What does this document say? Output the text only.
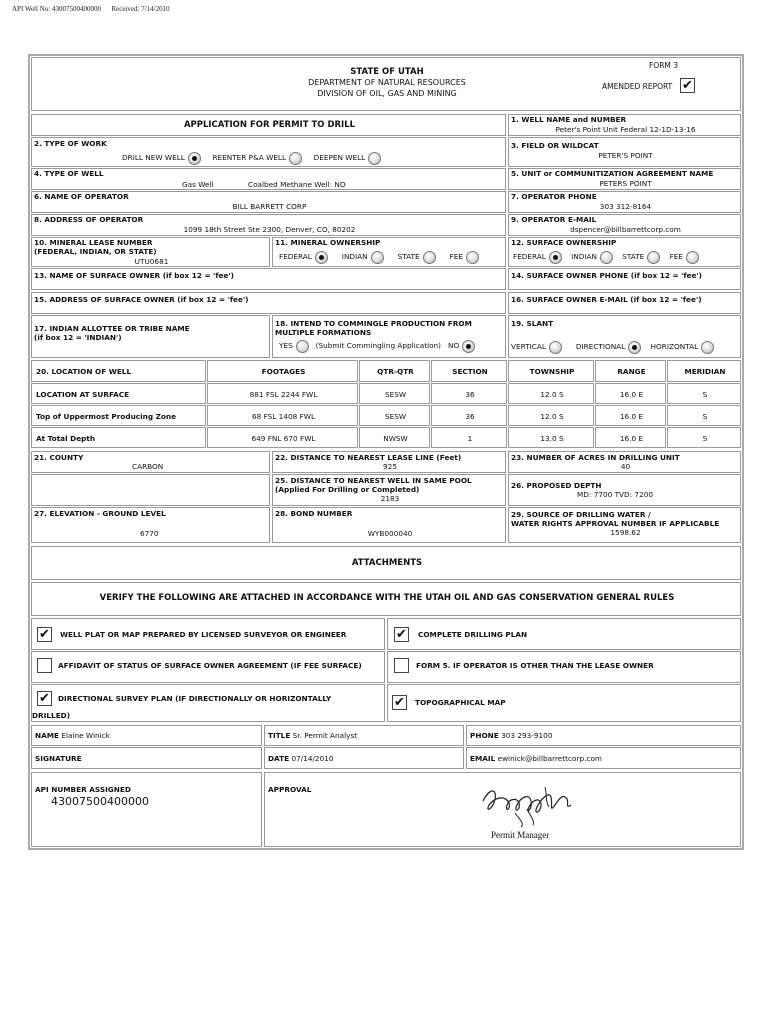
API Well No: 43007500400000 Received: 7/14/2010
STATE OF UTAH
DEPARTMENT OF NATURAL RESOURCES
DIVISION OF OIL, GAS AND MINING
FORM 3
AMENDED REPORT ✔
APPLICATION FOR PERMIT TO DRILL
1. WELL NAME and NUMBER
Peter's Point Unit Federal 12-1D-13-16
2. TYPE OF WORK
DRILL NEW WELL	REENTER P&A WELL	DEEPEN WELL
3. FIELD OR WILDCAT
PETER'S POINT
4. TYPE OF WELL
Gas Well	Coalbed Methane Well: NO
5. UNIT or COMMUNITIZATION AGREEMENT NAME
PETERS POINT
6. NAME OF OPERATOR
BILL BARRETT CORP
7. OPERATOR PHONE
303 312-8164
8. ADDRESS OF OPERATOR
1099 18th Street Ste 2300, Denver, CO, 80202
9. OPERATOR E-MAIL
dspencer@billbarrettcorp.com
10. MINERAL LEASE NUMBER
(FEDERAL, INDIAN, OR STATE)
UTU0681
11. MINERAL OWNERSHIP
FEDERAL	INDIAN	STATE	FEE
12. SURFACE OWNERSHIP
FEDERAL	INDIAN	STATE	FEE
13. NAME OF SURFACE OWNER (if box 12 = 'fee')	14. SURFACE OWNER PHONE (if box 12 = 'fee')
15. ADDRESS OF SURFACE OWNER (if box 12 = 'fee')	16. SURFACE OWNER E-MAIL (if box 12 = 'fee')
17. INDIAN ALLOTTEE OR TRIBE NAME
(if box 12 = 'INDIAN')
18. INTEND TO COMMINGLE PRODUCTION FROM
MULTIPLE FORMATIONS
YES	(Submit Commingling Application) NO
19. SLANT
VERTICAL	DIRECTIONAL	HORIZONTAL
20. LOCATION OF WELL	FOOTAGES	QTR-QTR	SECTION	TOWNSHIP	RANGE	MERIDIAN
LOCATION AT SURFACE	881 FSL 2244 FWL	SESW	36	12.0 S	16.0 E	S
Top of Uppermost Producing Zone	68 FSL 1408 FWL	SESW	36	12.0 S	16.0 E	S
At Total Depth	649 FNL 670 FWL	NWSW	1	13.0 S	16.0 E	S
21. COUNTY
CARBON
22. DISTANCE TO NEAREST LEASE LINE (Feet)
925
23. NUMBER OF ACRES IN DRILLING UNIT
40
25. DISTANCE TO NEAREST WELL IN SAME POOL
(Applied For Drilling or Completed)
2183
26. PROPOSED DEPTH
MD: 7700 TVD: 7200
27. ELEVATION - GROUND LEVEL
6770
28. BOND NUMBER
WYB000040
29. SOURCE OF DRILLING WATER /
WATER RIGHTS APPROVAL NUMBER IF APPLICABLE
1598.62
ATTACHMENTS
VERIFY THE FOLLOWING ARE ATTACHED IN ACCORDANCE WITH THE UTAH OIL AND GAS CONSERVATION GENERAL RULES
✔ WELL PLAT OR MAP PREPARED BY LICENSED SURVEYOR OR ENGINEER	✔ COMPLETE DRILLING PLAN
AFFIDAVIT OF STATUS OF SURFACE OWNER AGREEMENT (IF FEE SURFACE)	FORM 5. IF OPERATOR IS OTHER THAN THE LEASE OWNER
✔ DIRECTIONAL SURVEY PLAN (IF DIRECTIONALLY OR HORIZONTALLY
DRILLED)
✔ TOPOGRAPHICAL MAP
NAME Elaine Winick	TITLE Sr. Permit Analyst	PHONE 303 293-9100
SIGNATURE	DATE 07/14/2010	EMAIL ewinick@billbarrettcorp.com
API NUMBER ASSIGNED
43007500400000
APPROVAL
Permit Manager
